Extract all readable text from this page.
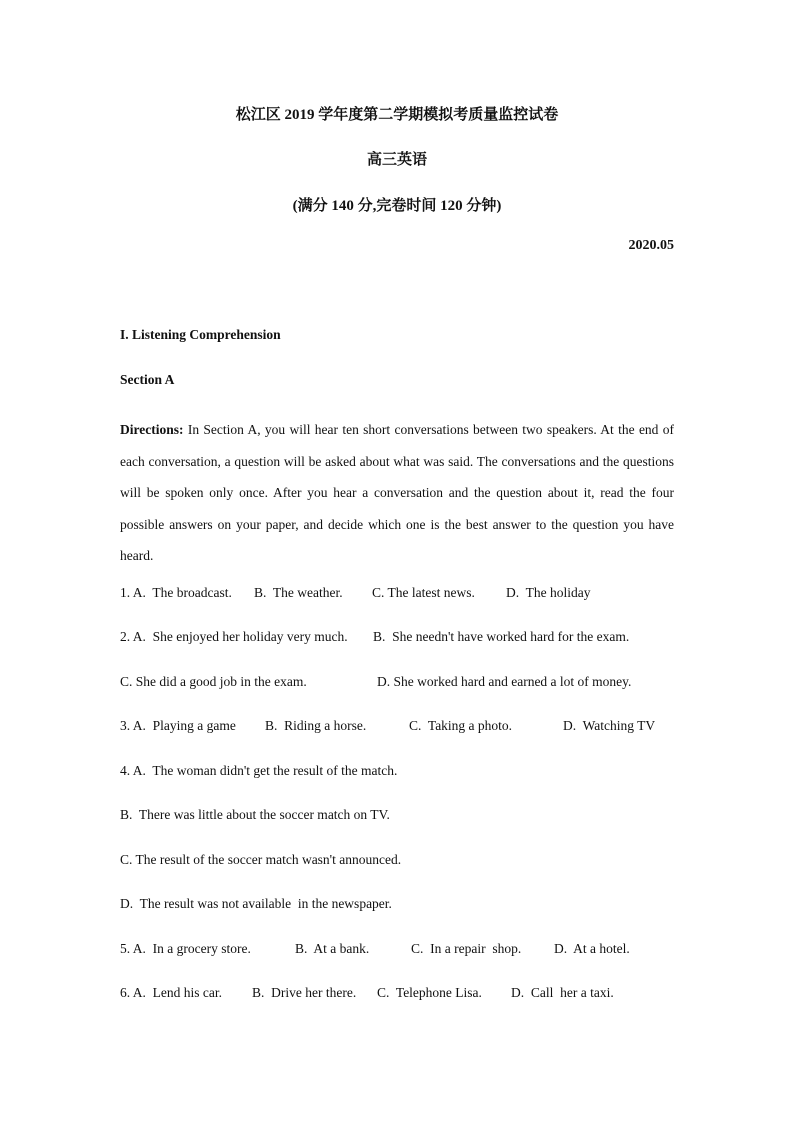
松江区 2019 学年度第二学期模拟考质量监控试卷
高三英语
(满分 140 分,完卷时间 120 分钟)
2020.05
I. Listening Comprehension
Section A
Directions: In Section A, you will hear ten short conversations between two speakers. At the end of each conversation, a question will be asked about what was said. The conversations and the questions will be spoken only once. After you hear a conversation and the question about it, read the four possible answers on your paper, and decide which one is the best answer to the question you have heard.
1. A.  The broadcast. B.  The weather. C. The latest news. D.  The holiday
2. A.  She enjoyed her holiday very much. B.  She needn't have worked hard for the exam.
C. She did a good job in the exam.	D. She worked hard and earned a lot of money.
3. A.  Playing a game B.  Riding a horse.	C.  Taking a photo.	D.  Watching TV
4. A.  The woman didn't get the result of the match.
B.  There was little about the soccer match on TV.
C. The result of the soccer match wasn't announced.
D.  The result was not available  in the newspaper.
5. A.  In a grocery store.	B.  At a bank.	C.  In a repair  shop. D.  At a hotel.
6. A.  Lend his car. B.  Drive her there. C.  Telephone Lisa. D.  Call  her a taxi.
